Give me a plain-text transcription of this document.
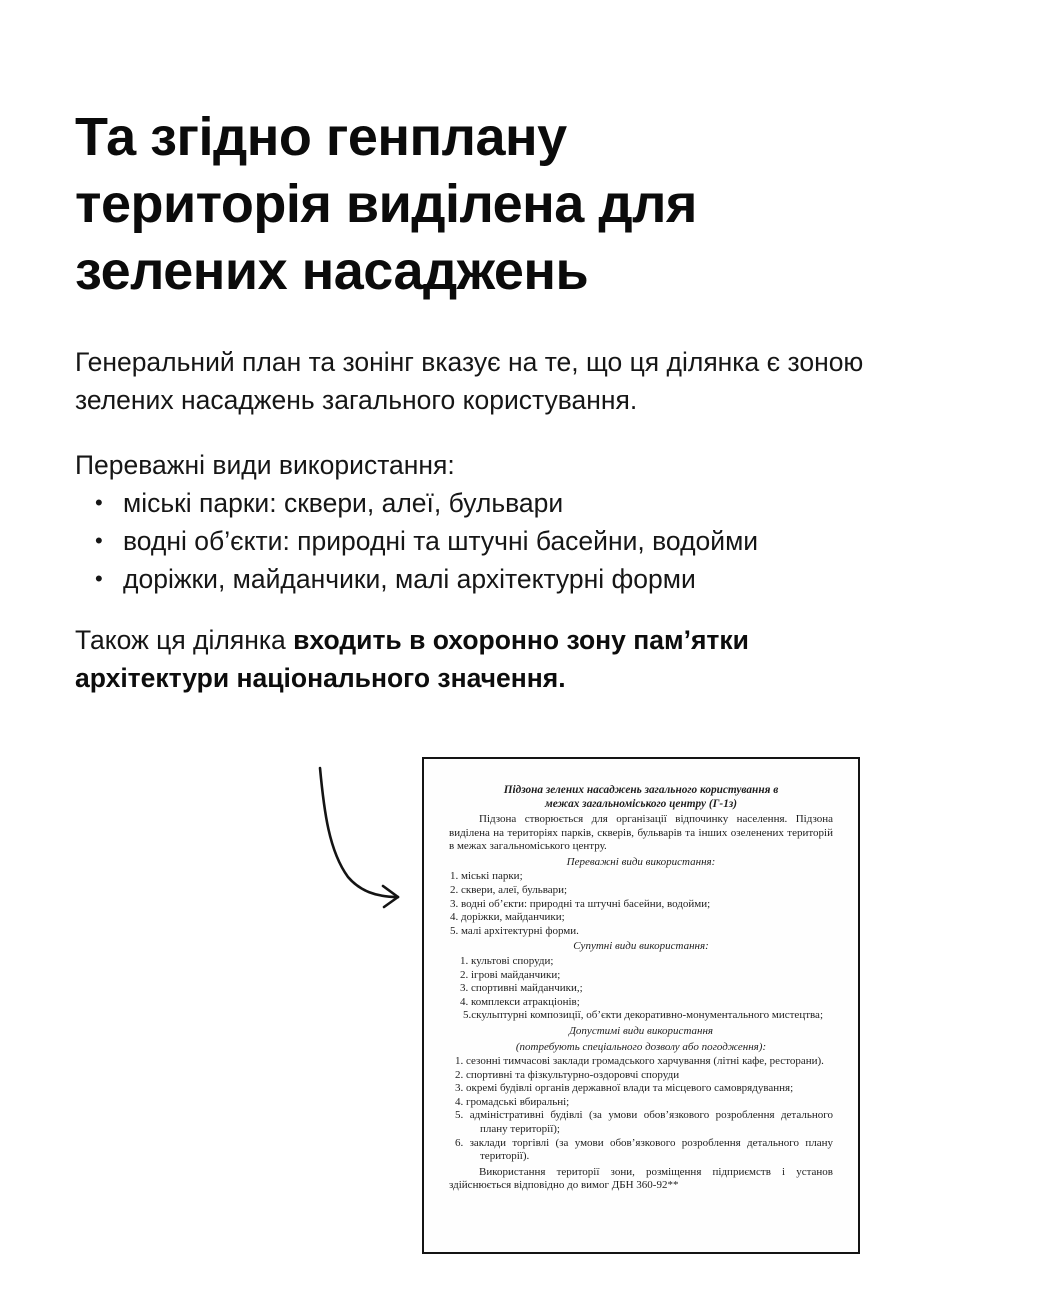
Та згідно генплану територія виділена для зелених насаджень
Генеральний план та зонінг вказує на те, що ця ділянка є зоною зелених насаджень загального користування.
Переважні види використання:
• міські парки: сквери, алеї, бульвари
• водні об’єкти: природні та штучні басейни, водойми
• доріжки, майданчики, малі архітектурні форми
Також ця ділянка входить в охоронно зону пам’ятки архітектури національного значення.
Підзона зелених насаджень загального користування в
межах загальноміського центру (Г-1з)
Підзона створюється для організації відпочинку населення. Підзона виділена на територіях парків, скверів, бульварів та інших озеленених територій в межах загальноміського центру.
Переважні види використання:
1. міські парки;
2. сквери, алеї, бульвари;
3. водні об’єкти: природні та штучні басейни, водойми;
4. доріжки, майданчики;
5. малі архітектурні форми.
Супутні види використання:
1. культові споруди;
2. ігрові майданчики;
3. спортивні майданчики,;
4. комплекси атракціонів;
5.скульптурні композиції, об’єкти декоративно-монументального мистецтва;
Допустимі види використання
(потребують спеціального дозволу або погодження):
1. сезонні тимчасові заклади громадського харчування (літні кафе, ресторани).
2. спортивні та фізкультурно-оздоровчі споруди
3. окремі будівлі органів державної влади та місцевого самоврядування;
4. громадські вбиральні;
5. адміністративні будівлі (за умови обов’язкового розроблення детального плану території);
6. заклади торгівлі (за умови обов’язкового розроблення детального плану території).
Використання території зони, розміщення підприємств і установ здійснюється відповідно до вимог ДБН 360-92**
